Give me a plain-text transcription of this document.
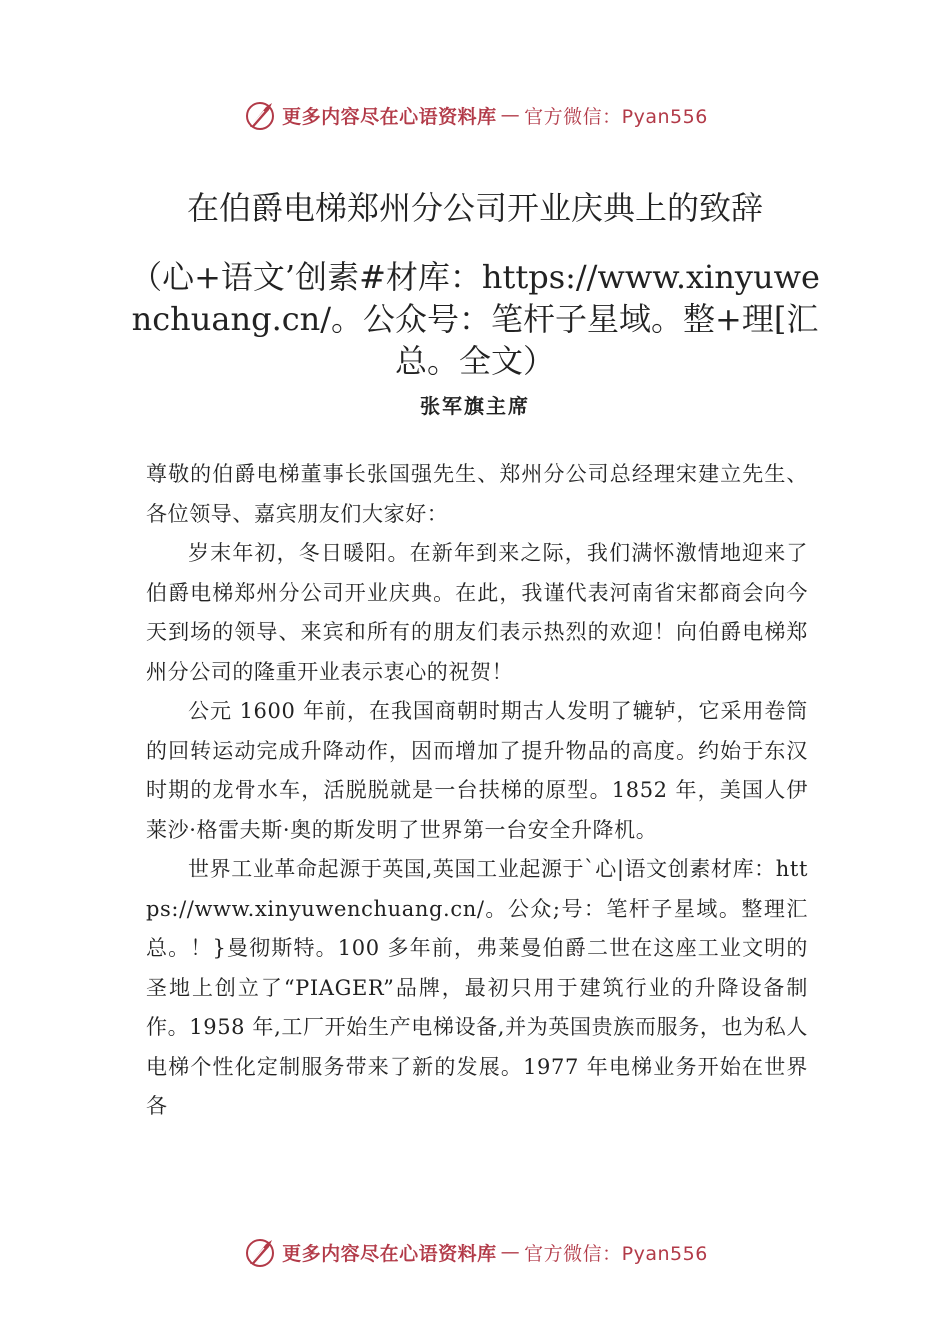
更多内容尽在心语资料库 — 官方微信：Pyan556
在伯爵电梯郑州分公司开业庆典上的致辞
（心+语文’创素#材库：https://www.xinyuwenchuang.cn/。公众号：笔杆子星域。整+理[汇总。全文）
张军旗主席

尊敬的伯爵电梯董事长张国强先生、郑州分公司总经理宋建立先生、各位领导、嘉宾朋友们大家好：

岁末年初，冬日暖阳。在新年到来之际，我们满怀激情地迎来了伯爵电梯郑州分公司开业庆典。在此，我谨代表河南省宋都商会向今天到场的领导、来宾和所有的朋友们表示热烈的欢迎！向伯爵电梯郑州分公司的隆重开业表示衷心的祝贺！

公元 1600 年前，在我国商朝时期古人发明了辘轳，它采用卷筒的回转运动完成升降动作，因而增加了提升物品的高度。约始于东汉时期的龙骨水车，活脱脱就是一台扶梯的原型。1852 年，美国人伊莱沙·格雷夫斯·奥的斯发明了世界第一台安全升降机。

世界工业革命起源于英国,英国工业起源于`心|语文创素材库：https://www.xinyuwenchuang.cn/。公众;号：笔杆子星域。整理汇总。！}曼彻斯特。100 多年前，弗莱曼伯爵二世在这座工业文明的圣地上创立了“PIAGER”品牌，最初只用于建筑行业的升降设备制作。1958 年,工厂开始生产电梯设备,并为英国贵族而服务，也为私人电梯个性化定制服务带来了新的发展。1977 年电梯业务开始在世界各

更多内容尽在心语资料库 — 官方微信：Pyan556
